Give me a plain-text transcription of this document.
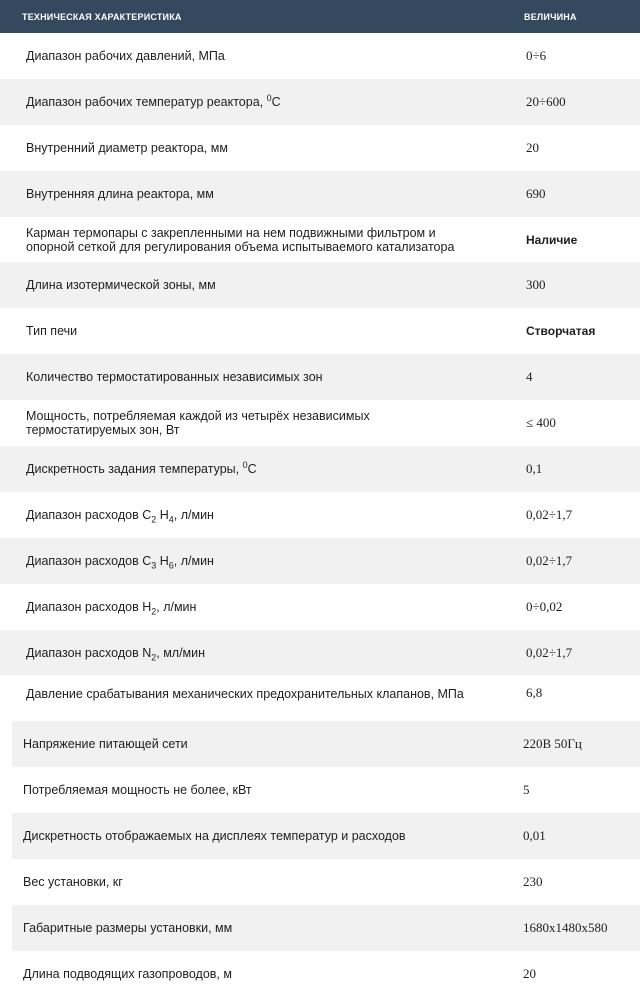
ТЕХНИЧЕСКАЯ ХАРАКТЕРИСТИКА	ВЕЛИЧИНА
Диапазон рабочих давлений, МПа	0÷6
Диапазон рабочих температур реактора, $^0$С	20÷600
Внутренний диаметр реактора, мм	20
Внутренняя длина реактора, мм	690
Карман термопары с закрепленными на нем подвижными фильтром и опорной сеткой для регулирования объема испытываемого катализатора	Наличие
Длина изотермической зоны, мм	300
Тип печи	Створчатая
Количество термостатированных независимых зон	4
Мощность, потребляемая каждой из четырёх независимых термостатируемых зон, Вт	≤ 400
Дискретность задания температуры, $^0$С	0,1
Диапазон расходов $C_2$ $H_4$, л/мин	0,02÷1,7
Диапазон расходов $C_3$ $H_6$, л/мин	0,02÷1,7
Диапазон расходов $H_2$, л/мин	0÷0,02
Диапазон расходов $N_2$, мл/мин	0,02÷1,7
Давление срабатывания механических предохранительных клапанов, МПа	6,8
Напряжение питающей сети	220В 50Гц
Потребляемая мощность не более, кВт	5
Дискретность отображаемых на дисплеях температур и расходов	0,01
Вес установки, кг	230
Габаритные размеры установки, мм	1680х1480х580
Длина подводящих газопроводов, м	20
